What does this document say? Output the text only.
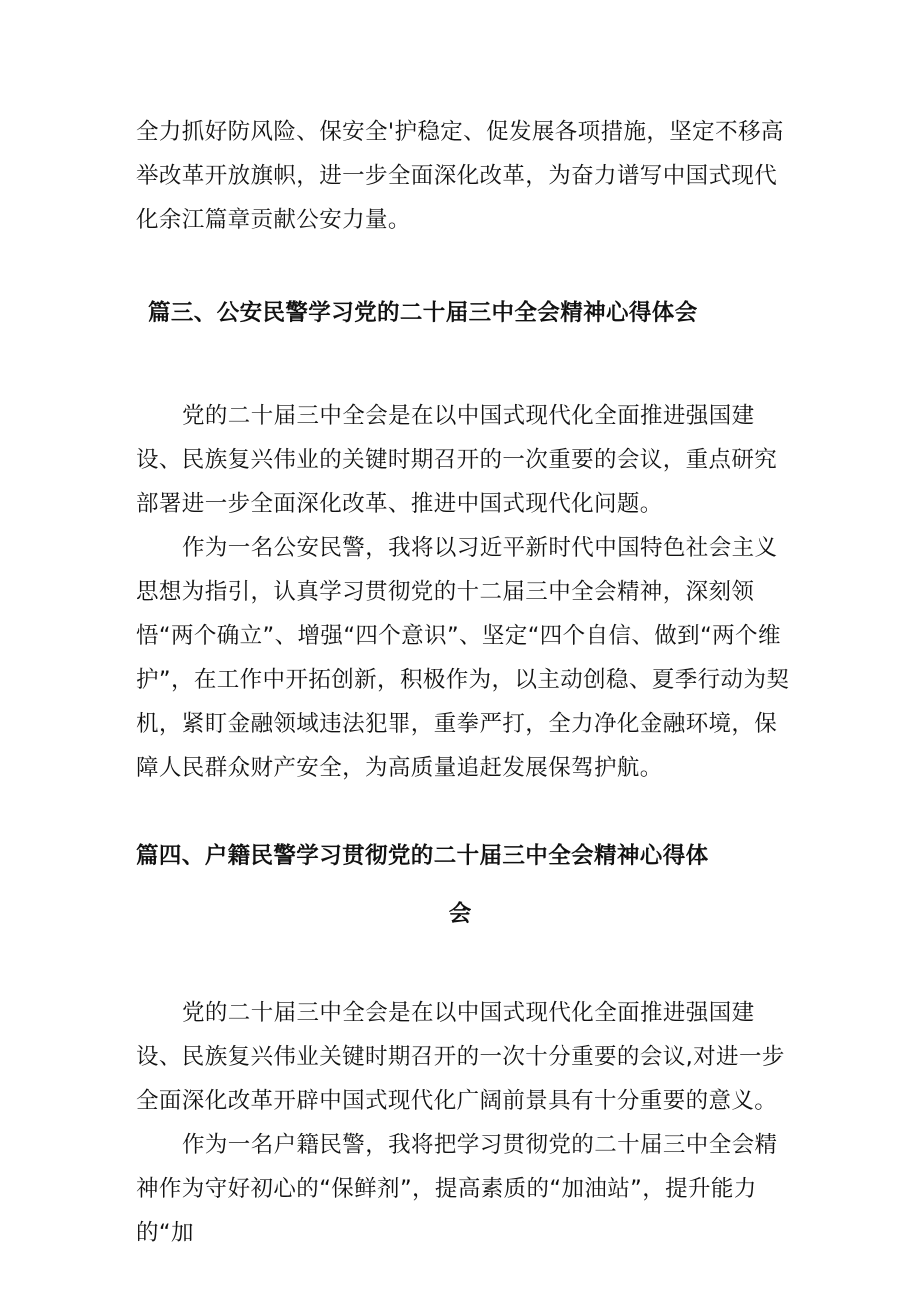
全力抓好防风险、保安全'护稳定、促发展各项措施，坚定不移高举改革开放旗帜，进一步全面深化改革，为奋力谱写中国式现代化余江篇章贡献公安力量。

篇三、公安民警学习党的二十届三中全会精神心得体会

党的二十届三中全会是在以中国式现代化全面推进强国建设、民族复兴伟业的关键时期召开的一次重要的会议，重点研究部署进一步全面深化改革、推进中国式现代化问题。

作为一名公安民警，我将以习近平新时代中国特色社会主义思想为指引，认真学习贯彻党的十二届三中全会精神，深刻领悟“两个确立”、增强“四个意识”、坚定“四个自信、做到“两个维护”，在工作中开拓创新，积极作为，以主动创稳、夏季行动为契机，紧盯金融领域违法犯罪，重拳严打，全力净化金融环境，保障人民群众财产安全，为高质量追赶发展保驾护航。

篇四、户籍民警学习贯彻党的二十届三中全会精神心得体

会

党的二十届三中全会是在以中国式现代化全面推进强国建设、民族复兴伟业关键时期召开的一次十分重要的会议,对进一步全面深化改革开辟中国式现代化广阔前景具有十分重要的意义。

作为一名户籍民警，我将把学习贯彻党的二十届三中全会精神作为守好初心的“保鲜剂”，提高素质的“加油站”，提升能力的“加
